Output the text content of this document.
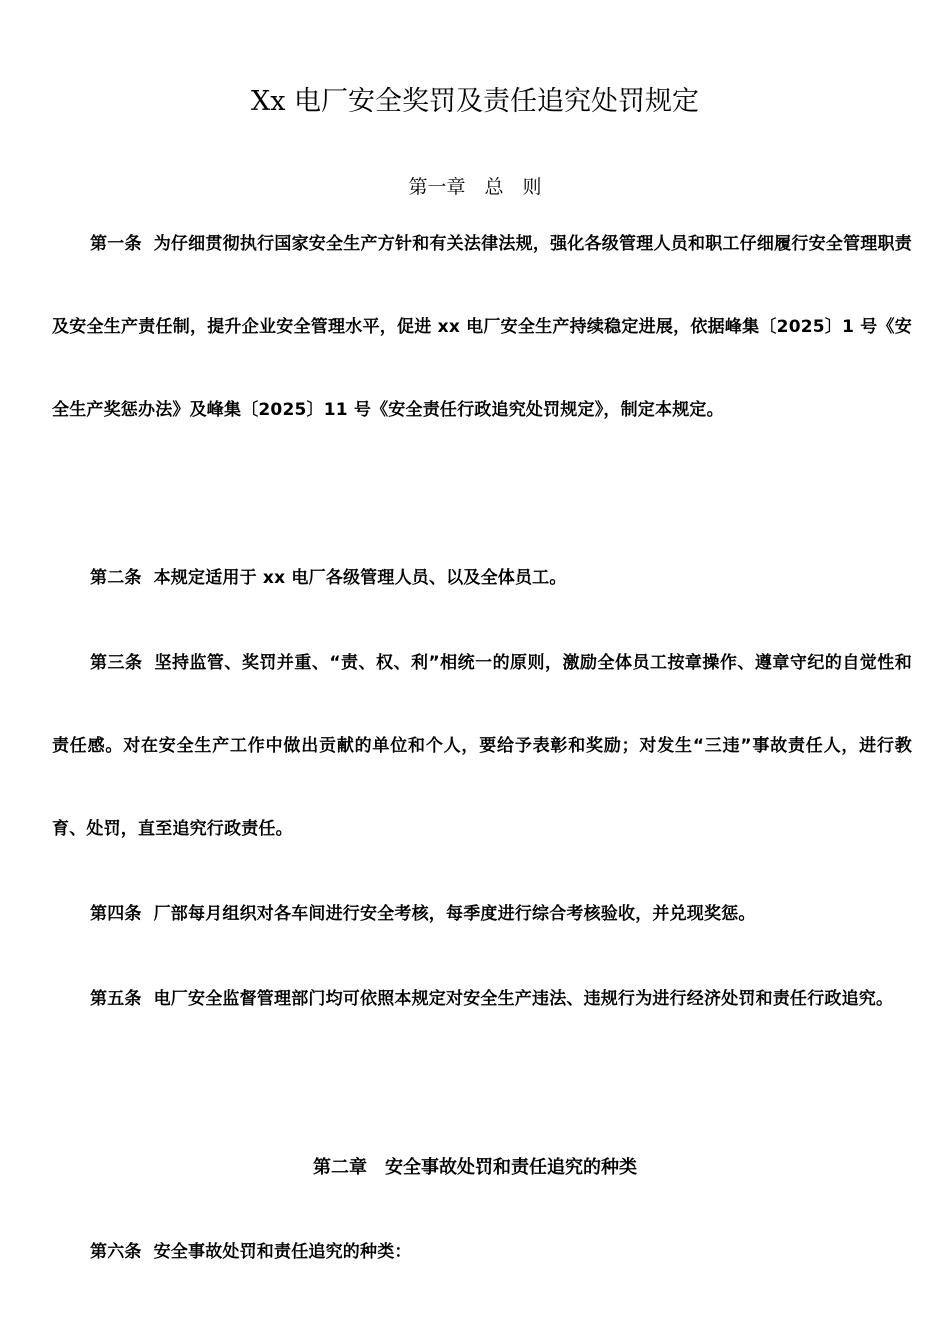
Xx 电厂安全奖罚及责任追究处罚规定
第一章　总　则

第一条 为仔细贯彻执行国家安全生产方针和有关法律法规，强化各级管理人员和职工仔细履行安全管理职责及安全生产责任制，提升企业安全管理水平，促进 xx 电厂安全生产持续稳定进展，依据峰集〔2025〕1 号《安全生产奖惩办法》及峰集〔2025〕11 号《安全责任行政追究处罚规定》，制定本规定。

第二条 本规定适用于 xx 电厂各级管理人员、以及全体员工。

第三条 坚持监管、奖罚并重、“责、权、利”相统一的原则，激励全体员工按章操作、遵章守纪的自觉性和责任感。对在安全生产工作中做出贡献的单位和个人，要给予表彰和奖励；对发生“三违”事故责任人，进行教育、处罚，直至追究行政责任。

第四条 厂部每月组织对各车间进行安全考核，每季度进行综合考核验收，并兑现奖惩。

第五条 电厂安全监督管理部门均可依照本规定对安全生产违法、违规行为进行经济处罚和责任行政追究。

第二章　安全事故处罚和责任追究的种类

第六条 安全事故处罚和责任追究的种类：
